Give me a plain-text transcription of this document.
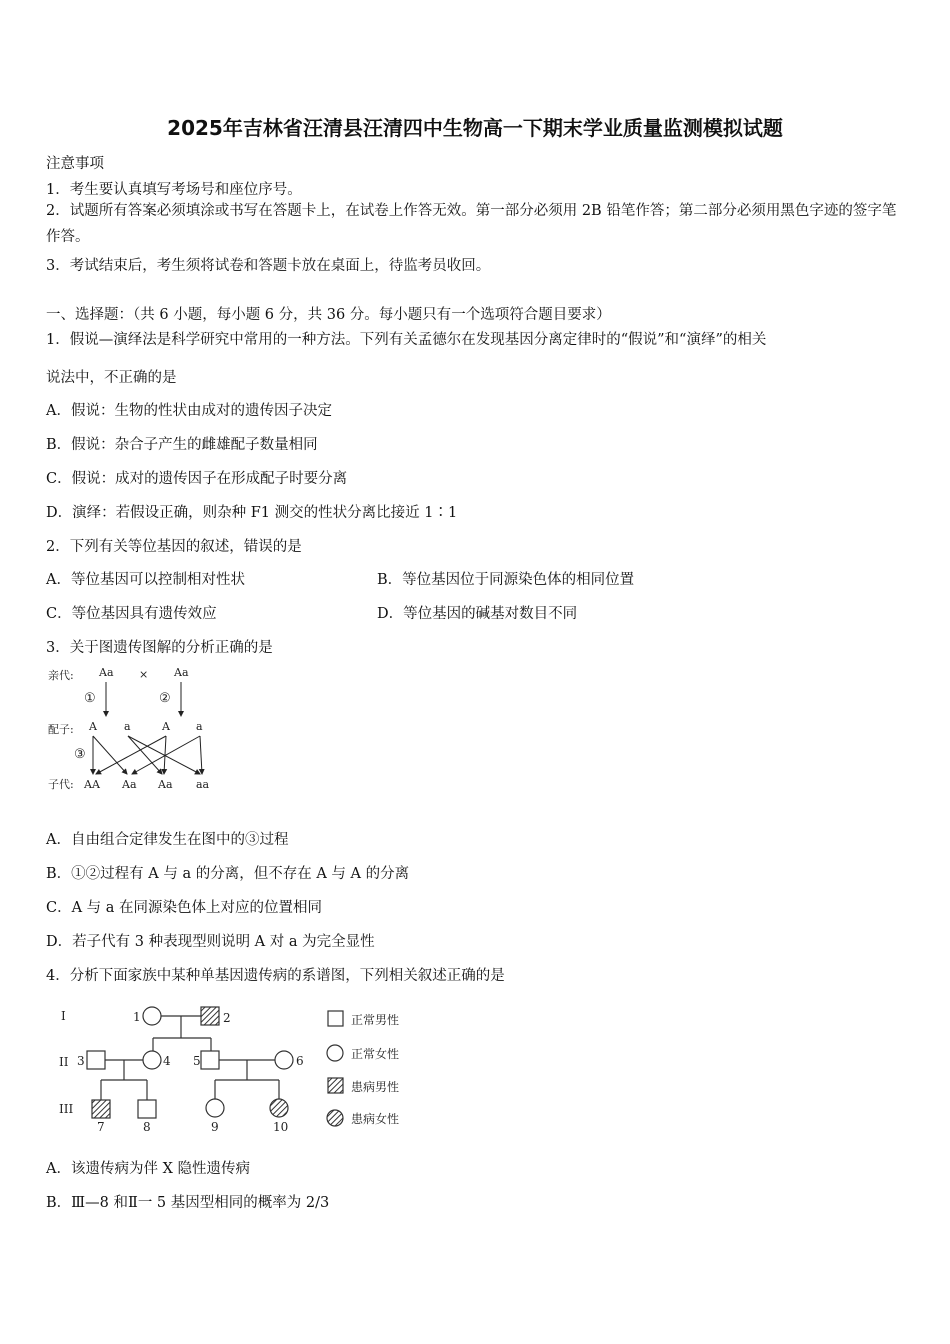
2025年吉林省汪清县汪清四中生物高一下期末学业质量监测模拟试题
注意事项
1．考生要认真填写考场号和座位序号。
2．试题所有答案必须填涂或书写在答题卡上，在试卷上作答无效。第一部分必须用 2B 铅笔作答；第二部分必须用黑色字迹的签字笔作答。
3．考试结束后，考生须将试卷和答题卡放在桌面上，待监考员收回。
一、选择题：（共 6 小题，每小题 6 分，共 36 分。每小题只有一个选项符合题目要求）
1．假说—演绎法是科学研究中常用的一种方法。下列有关孟德尔在发现基因分离定律时的“假说”和“演绎”的相关
说法中，不正确的是
A．假说：生物的性状由成对的遗传因子决定
B．假说：杂合子产生的雌雄配子数量相同
C．假说：成对的遗传因子在形成配子时要分离
D．演绎：若假设正确，则杂种 F1 测交的性状分离比接近 1∶1
2．下列有关等位基因的叙述，错误的是
A．等位基因可以控制相对性状	B．等位基因位于同源染色体的相同位置
C．等位基因具有遗传效应	D．等位基因的碱基对数目不同
3．关于图遗传图解的分析正确的是
亲代: Aa × Aa
①	②
配子: A a	A a
③
子代: AA Aa Aa aa
A．自由组合定律发生在图中的③过程
B．①②过程有 A 与 a 的分离，但不存在 A 与 A 的分离
C．A 与 a 在同源染色体上对应的位置相同
D．若子代有 3 种表现型则说明 A 对 a 为完全显性
4．分析下面家族中某种单基因遗传病的系谱图，下列相关叙述正确的是
I
II
III
1	2
3	4 5	6
7	8	9	10
正常男性
正常女性
患病男性
患病女性
A．该遗传病为伴 X 隐性遗传病
B．Ⅲ—8 和Ⅱ一 5 基因型相同的概率为 2/3
